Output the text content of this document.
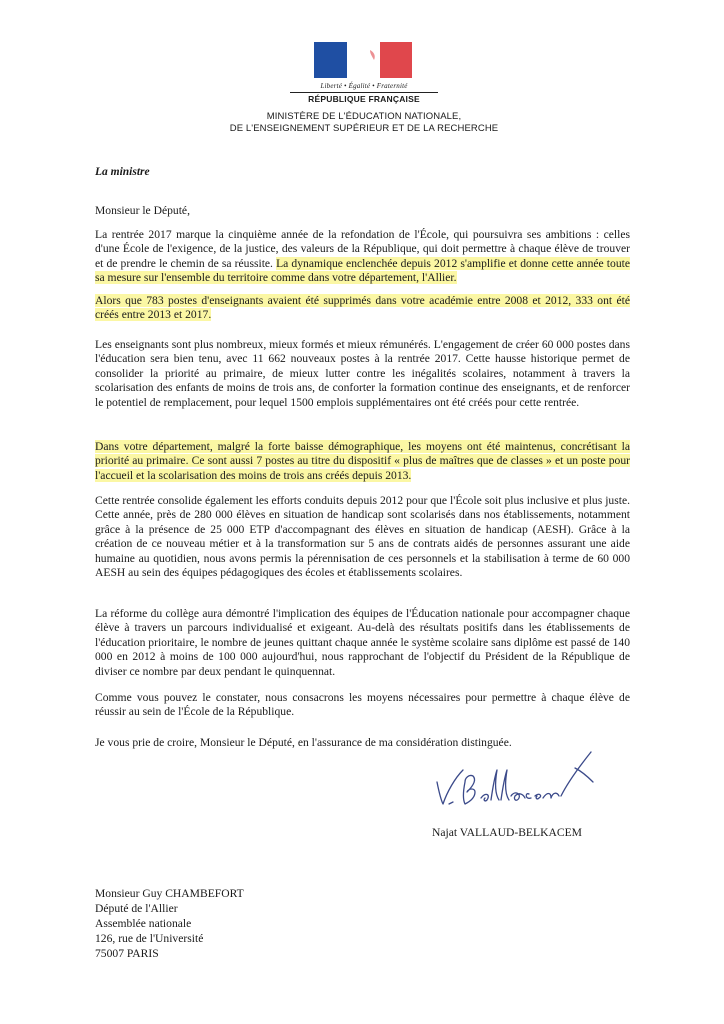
Liberté • Égalité • Fraternité
RÉPUBLIQUE FRANÇAISE
MINISTÈRE DE L'ÉDUCATION NATIONALE,
DE L'ENSEIGNEMENT SUPÉRIEUR ET DE LA RECHERCHE
La ministre
Monsieur le Député,
La rentrée 2017 marque la cinquième année de la refondation de l'École, qui poursuivra ses ambitions : celles d'une École de l'exigence, de la justice, des valeurs de la République, qui doit permettre à chaque élève de trouver et de prendre le chemin de sa réussite. La dynamique enclenchée depuis 2012 s'amplifie et donne cette année toute sa mesure sur l'ensemble du territoire comme dans votre département, l'Allier.
Alors que 783 postes d'enseignants avaient été supprimés dans votre académie entre 2008 et 2012, 333 ont été créés entre 2013 et 2017.
Les enseignants sont plus nombreux, mieux formés et mieux rémunérés. L'engagement de créer 60 000 postes dans l'éducation sera bien tenu, avec 11 662 nouveaux postes à la rentrée 2017. Cette hausse historique permet de consolider la priorité au primaire, de mieux lutter contre les inégalités scolaires, notamment à travers la scolarisation des enfants de moins de trois ans, de conforter la formation continue des enseignants, et de renforcer le potentiel de remplacement, pour lequel 1500 emplois supplémentaires ont été créés pour cette rentrée.
Dans votre département, malgré la forte baisse démographique, les moyens ont été maintenus, concrétisant la priorité au primaire. Ce sont aussi 7 postes au titre du dispositif « plus de maîtres que de classes » et un poste pour l'accueil et la scolarisation des moins de trois ans créés depuis 2013.
Cette rentrée consolide également les efforts conduits depuis 2012 pour que l'École soit plus inclusive et plus juste. Cette année, près de 280 000 élèves en situation de handicap sont scolarisés dans nos établissements, notamment grâce à la présence de 25 000 ETP d'accompagnant des élèves en situation de handicap (AESH). Grâce à la création de ce nouveau métier et à la transformation sur 5 ans de contrats aidés de personnes assurant une aide humaine au quotidien, nous avons permis la pérennisation de ces personnels et la stabilisation à terme de 60 000 AESH au sein des équipes pédagogiques des écoles et établissements scolaires.
La réforme du collège aura démontré l'implication des équipes de l'Éducation nationale pour accompagner chaque élève à travers un parcours individualisé et exigeant. Au-delà des résultats positifs dans les établissements de l'éducation prioritaire, le nombre de jeunes quittant chaque année le système scolaire sans diplôme est passé de 140 000 en 2012 à moins de 100 000 aujourd'hui, nous rapprochant de l'objectif du Président de la République de diviser ce nombre par deux pendant le quinquennat.
Comme vous pouvez le constater, nous consacrons les moyens nécessaires pour permettre à chaque élève de réussir au sein de l'École de la République.
Je vous prie de croire, Monsieur le Député, en l'assurance de ma considération distinguée.
Najat VALLAUD-BELKACEM
Monsieur Guy CHAMBEFORT
Député de l'Allier
Assemblée nationale
126, rue de l'Université
75007 PARIS
